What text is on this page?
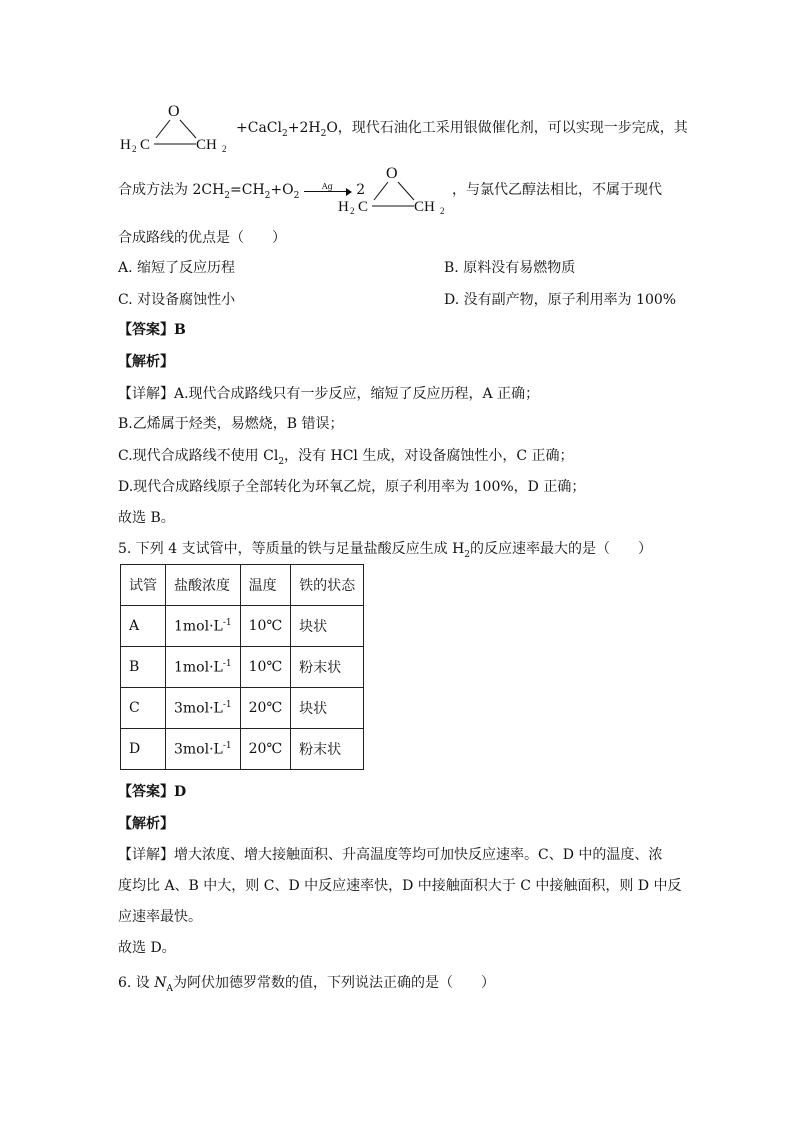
O
H 2 C	CH 2
$+CaCl_2+2H_2O$，现代石油化工采用银做催化剂，可以实现一步完成，其
合成方法为 $2CH_2=CH_2+O_2$
Ag 2
O
H 2 C	CH 2
，与氯代乙醇法相比，不属于现代
合成路线的优点是（　　）
A. 缩短了反应历程	B. 原料没有易燃物质
C. 对设备腐蚀性小	D. 没有副产物，原子利用率为 100%
【答案】B
【解析】
【详解】A.现代合成路线只有一步反应，缩短了反应历程，A 正确；
B.乙烯属于烃类，易燃烧，B 错误；
C.现代合成路线不使用 $Cl_2$，没有 HCl 生成，对设备腐蚀性小，C 正确；
D.现代合成路线原子全部转化为环氧乙烷，原子利用率为 100%，D 正确；
故选 B。
5. 下列 4 支试管中，等质量的铁与足量盐酸反应生成 $H_2$的反应速率最大的是（　　）
试管	盐酸浓度	温度	铁的状态
A	$1mol\cdot L^{-1}$	10℃	块状
B	$1mol\cdot L^{-1}$	10℃	粉末状
C	$3mol\cdot L^{-1}$	20℃	块状
D	$3mol\cdot L^{-1}$	20℃	粉末状
【答案】D
【解析】
【详解】增大浓度、增大接触面积、升高温度等均可加快反应速率。C、D 中的温度、浓
度均比 A、B 中大，则 C、D 中反应速率快，D 中接触面积大于 C 中接触面积，则 D 中反
应速率最快。
故选 D。
6. 设 $N_A$为阿伏加德罗常数的值，下列说法正确的是（　　）
